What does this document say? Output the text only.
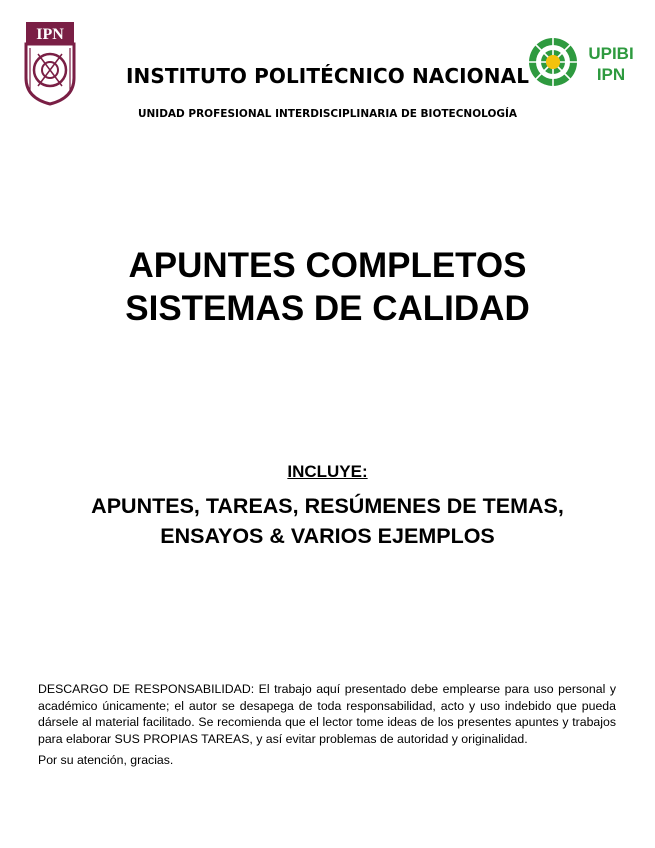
IPN
UPIBI
IPN
INSTITUTO POLITÉCNICO NACIONAL
UNIDAD PROFESIONAL INTERDISCIPLINARIA DE BIOTECNOLOGÍA
APUNTES COMPLETOS
SISTEMAS DE CALIDAD
INCLUYE:
APUNTES, TAREAS, RESÚMENES DE TEMAS,
ENSAYOS & VARIOS EJEMPLOS
DESCARGO DE RESPONSABILIDAD: El trabajo aquí presentado debe emplearse para uso personal y académico únicamente; el autor se desapega de toda responsabilidad, acto y uso indebido que pueda dársele al material facilitado. Se recomienda que el lector tome ideas de los presentes apuntes y trabajos para elaborar SUS PROPIAS TAREAS, y así evitar problemas de autoridad y originalidad.
Por su atención, gracias.
